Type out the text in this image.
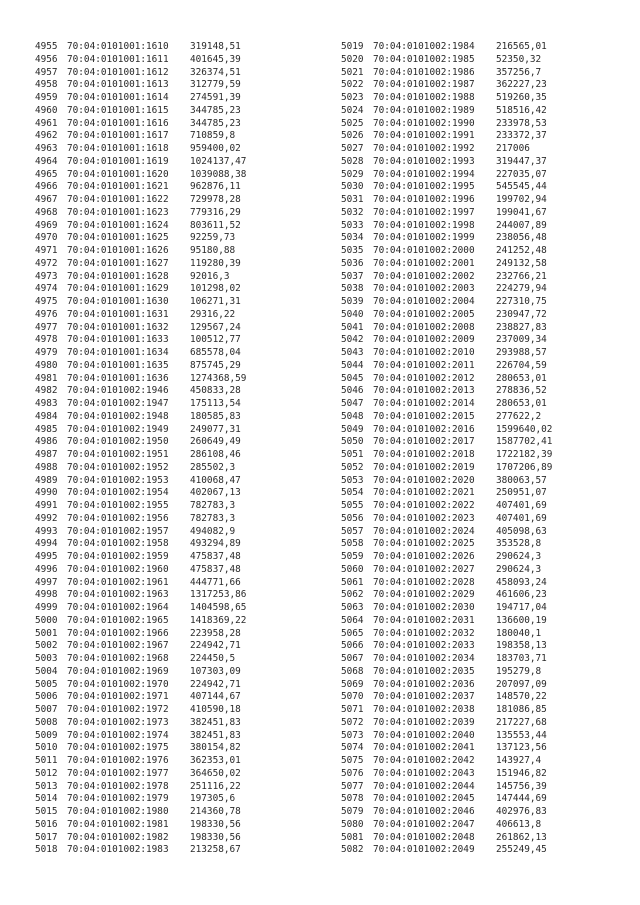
4955 70:04:0101001:1610 319148,51
4956 70:04:0101001:1611 401645,39
4957 70:04:0101001:1612 326374,51
4958 70:04:0101001:1613 312779,59
4959 70:04:0101001:1614 274591,39
4960 70:04:0101001:1615 344785,23
4961 70:04:0101001:1616 344785,23
4962 70:04:0101001:1617 710859,8
4963 70:04:0101001:1618 959400,02
4964 70:04:0101001:1619 1024137,47
4965 70:04:0101001:1620 1039088,38
4966 70:04:0101001:1621 962876,11
4967 70:04:0101001:1622 729978,28
4968 70:04:0101001:1623 779316,29
4969 70:04:0101001:1624 803611,52
4970 70:04:0101001:1625 92259,73
4971 70:04:0101001:1626 95180,88
4972 70:04:0101001:1627 119280,39
4973 70:04:0101001:1628 92016,3
4974 70:04:0101001:1629 101298,02
4975 70:04:0101001:1630 106271,31
4976 70:04:0101001:1631 29316,22
4977 70:04:0101001:1632 129567,24
4978 70:04:0101001:1633 100512,77
4979 70:04:0101001:1634 685578,04
4980 70:04:0101001:1635 875745,29
4981 70:04:0101001:1636 1274368,59
4982 70:04:0101002:1946 450833,28
4983 70:04:0101002:1947 175113,54
4984 70:04:0101002:1948 180585,83
4985 70:04:0101002:1949 249077,31
4986 70:04:0101002:1950 260649,49
4987 70:04:0101002:1951 286108,46
4988 70:04:0101002:1952 285502,3
4989 70:04:0101002:1953 410068,47
4990 70:04:0101002:1954 402067,13
4991 70:04:0101002:1955 782783,3
4992 70:04:0101002:1956 782783,3
4993 70:04:0101002:1957 494082,9
4994 70:04:0101002:1958 493294,89
4995 70:04:0101002:1959 475837,48
4996 70:04:0101002:1960 475837,48
4997 70:04:0101002:1961 444771,66
4998 70:04:0101002:1963 1317253,86
4999 70:04:0101002:1964 1404598,65
5000 70:04:0101002:1965 1418369,22
5001 70:04:0101002:1966 223958,28
5002 70:04:0101002:1967 224942,71
5003 70:04:0101002:1968 224450,5
5004 70:04:0101002:1969 107303,09
5005 70:04:0101002:1970 224942,71
5006 70:04:0101002:1971 407144,67
5007 70:04:0101002:1972 410590,18
5008 70:04:0101002:1973 382451,83
5009 70:04:0101002:1974 382451,83
5010 70:04:0101002:1975 380154,82
5011 70:04:0101002:1976 362353,01
5012 70:04:0101002:1977 364650,02
5013 70:04:0101002:1978 251116,22
5014 70:04:0101002:1979 197305,6
5015 70:04:0101002:1980 214360,78
5016 70:04:0101002:1981 198330,56
5017 70:04:0101002:1982 198330,56
5018 70:04:0101002:1983 213258,67
5019 70:04:0101002:1984 216565,01
5020 70:04:0101002:1985 52350,32
5021 70:04:0101002:1986 357256,7
5022 70:04:0101002:1987 362227,23
5023 70:04:0101002:1988 519260,35
5024 70:04:0101002:1989 518516,42
5025 70:04:0101002:1990 233978,53
5026 70:04:0101002:1991 233372,37
5027 70:04:0101002:1992 217006
5028 70:04:0101002:1993 319447,37
5029 70:04:0101002:1994 227035,07
5030 70:04:0101002:1995 545545,44
5031 70:04:0101002:1996 199702,94
5032 70:04:0101002:1997 199041,67
5033 70:04:0101002:1998 244007,89
5034 70:04:0101002:1999 238056,48
5035 70:04:0101002:2000 241252,48
5036 70:04:0101002:2001 249132,58
5037 70:04:0101002:2002 232766,21
5038 70:04:0101002:2003 224279,94
5039 70:04:0101002:2004 227310,75
5040 70:04:0101002:2005 230947,72
5041 70:04:0101002:2008 238827,83
5042 70:04:0101002:2009 237009,34
5043 70:04:0101002:2010 293988,57
5044 70:04:0101002:2011 226704,59
5045 70:04:0101002:2012 280653,01
5046 70:04:0101002:2013 278836,52
5047 70:04:0101002:2014 280653,01
5048 70:04:0101002:2015 277622,2
5049 70:04:0101002:2016 1599640,02
5050 70:04:0101002:2017 1587702,41
5051 70:04:0101002:2018 1722182,39
5052 70:04:0101002:2019 1707206,89
5053 70:04:0101002:2020 380063,57
5054 70:04:0101002:2021 250951,07
5055 70:04:0101002:2022 407401,69
5056 70:04:0101002:2023 407401,69
5057 70:04:0101002:2024 405098,63
5058 70:04:0101002:2025 353528,8
5059 70:04:0101002:2026 290624,3
5060 70:04:0101002:2027 290624,3
5061 70:04:0101002:2028 458093,24
5062 70:04:0101002:2029 461606,23
5063 70:04:0101002:2030 194717,04
5064 70:04:0101002:2031 136600,19
5065 70:04:0101002:2032 180040,1
5066 70:04:0101002:2033 198358,13
5067 70:04:0101002:2034 183703,71
5068 70:04:0101002:2035 195279,8
5069 70:04:0101002:2036 207097,09
5070 70:04:0101002:2037 148570,22
5071 70:04:0101002:2038 181086,85
5072 70:04:0101002:2039 217227,68
5073 70:04:0101002:2040 135553,44
5074 70:04:0101002:2041 137123,56
5075 70:04:0101002:2042 143927,4
5076 70:04:0101002:2043 151946,82
5077 70:04:0101002:2044 145756,39
5078 70:04:0101002:2045 147444,69
5079 70:04:0101002:2046 402976,83
5080 70:04:0101002:2047 406613,8
5081 70:04:0101002:2048 261862,13
5082 70:04:0101002:2049 255249,45
